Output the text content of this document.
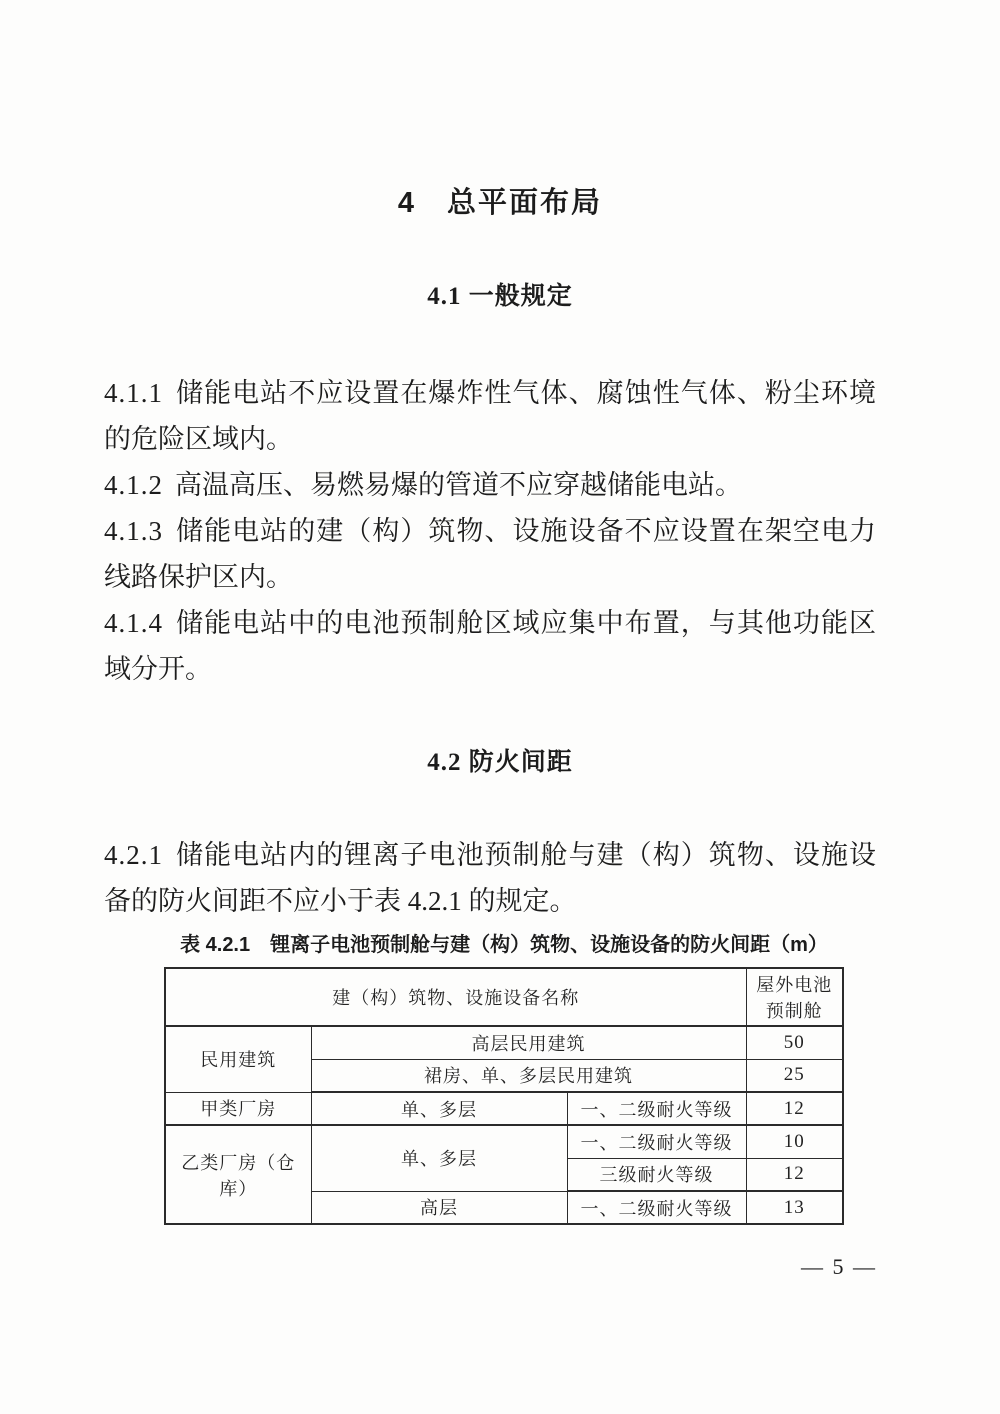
4　总平面布局
4.1 一般规定

4.1.1 储能电站不应设置在爆炸性气体、腐蚀性气体、粉尘环境的危险区域内。

4.1.2 高温高压、易燃易爆的管道不应穿越储能电站。

4.1.3 储能电站的建（构）筑物、设施设备不应设置在架空电力线路保护区内。

4.1.4 储能电站中的电池预制舱区域应集中布置，与其他功能区域分开。

4.2 防火间距

4.2.1 储能电站内的锂离子电池预制舱与建（构）筑物、设施设备的防火间距不应小于表 4.2.1 的规定。

表 4.2.1　锂离子电池预制舱与建（构）筑物、设施设备的防火间距（m）
建（构）筑物、设施设备名称			屋外电池预制舱
民用建筑	高层民用建筑		50
	裙房、单、多层民用建筑		25
甲类厂房	单、多层	一、二级耐火等级	12
乙类厂房（仓库）	单、多层	一、二级耐火等级	10
		三级耐火等级	12
	高层	一、二级耐火等级	13
— 5 —
